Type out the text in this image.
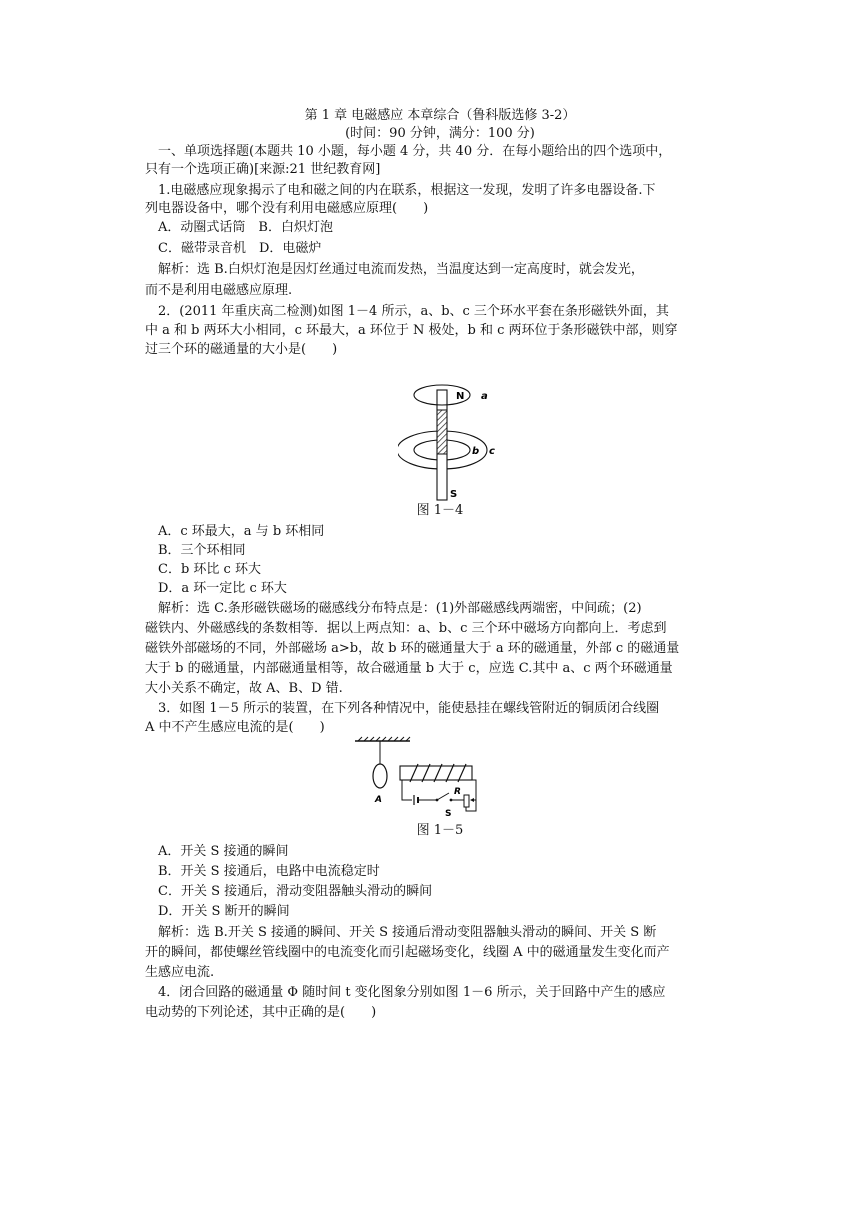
第 1 章 电磁感应 本章综合（鲁科版选修 3-2）
(时间：90 分钟，满分：100 分)
一、单项选择题(本题共 10 小题，每小题 4 分，共 40 分．在每小题给出的四个选项中，
只有一个选项正确)[来源:21 世纪教育网]
1.电磁感应现象揭示了电和磁之间的内在联系，根据这一发现，发明了许多电器设备.下
列电器设备中，哪个没有利用电磁感应原理(　　)
A．动圈式话筒　B．白炽灯泡
C．磁带录音机　D．电磁炉
解析：选 B.白炽灯泡是因灯丝通过电流而发热，当温度达到一定高度时，就会发光，
而不是利用电磁感应原理.
2．(2011 年重庆高二检测)如图 1－4 所示，a、b、c 三个环水平套在条形磁铁外面，其
中 a 和 b 两环大小相同，c 环最大，a 环位于 N 极处，b 和 c 两环位于条形磁铁中部，则穿
过三个环的磁通量的大小是(　　)
N a
b c
S
图 1－4
A．c 环最大，a 与 b 环相同
B．三个环相同
C．b 环比 c 环大
D．a 环一定比 c 环大
解析：选 C.条形磁铁磁场的磁感线分布特点是：(1)外部磁感线两端密，中间疏；(2)
磁铁内、外磁感线的条数相等．据以上两点知：a、b、c 三个环中磁场方向都向上．考虑到
磁铁外部磁场的不同，外部磁场 a>b，故 b 环的磁通量大于 a 环的磁通量，外部 c 的磁通量
大于 b 的磁通量，内部磁通量相等，故合磁通量 b 大于 c，应选 C.其中 a、c 两个环磁通量
大小关系不确定，故 A、B、D 错.
3．如图 1－5 所示的装置，在下列各种情况中，能使悬挂在螺线管附近的铜质闭合线圈
A 中不产生感应电流的是(　　)
A
S
R
图 1－5
A．开关 S 接通的瞬间
B．开关 S 接通后，电路中电流稳定时
C．开关 S 接通后，滑动变阻器触头滑动的瞬间
D．开关 S 断开的瞬间
解析：选 B.开关 S 接通的瞬间、开关 S 接通后滑动变阻器触头滑动的瞬间、开关 S 断
开的瞬间，都使螺丝管线圈中的电流变化而引起磁场变化，线圈 A 中的磁通量发生变化而产
生感应电流.
4．闭合回路的磁通量 Φ 随时间 t 变化图象分别如图 1－6 所示，关于回路中产生的感应
电动势的下列论述，其中正确的是(　　)
